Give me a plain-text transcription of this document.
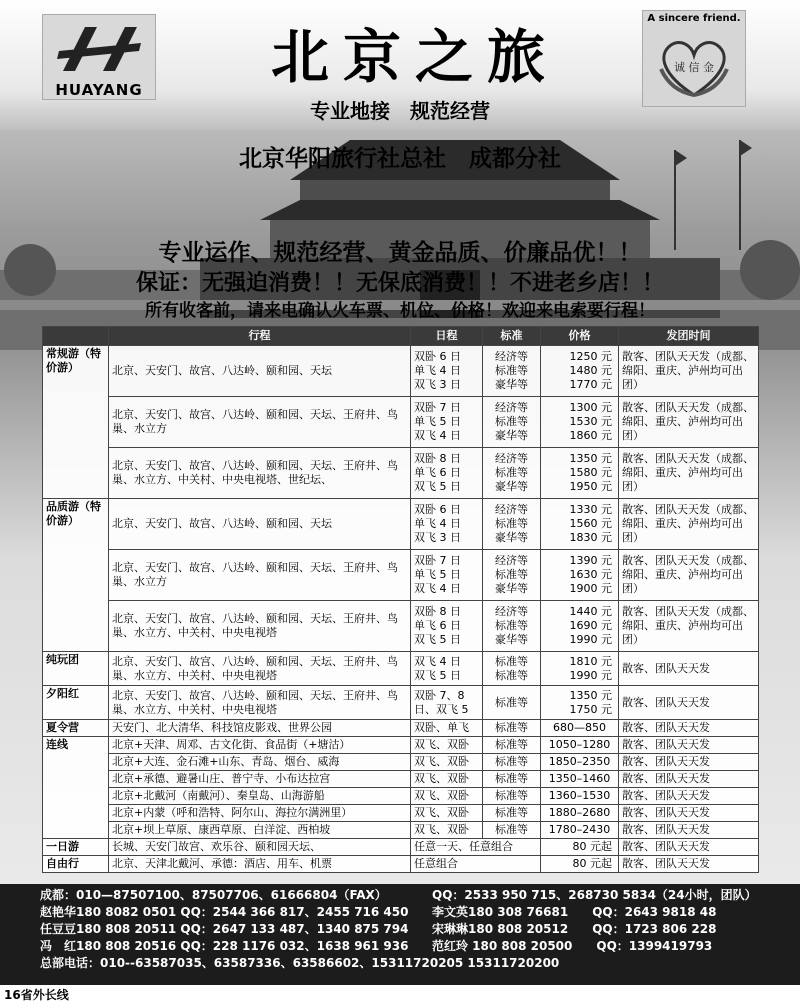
HUAYANG	北京之旅
专业地接　规范经营
A sincere friend.
诚 信 金
北京华阳旅行社总社　成都分社
专业运作、规范经营、黄金品质、价廉品优！！
保证：无强迫消费！！无保底消费！！不进老乡店！！
所有收客前，请来电确认火车票、机位、价格！欢迎来电索要行程！
	行程	日程	标准	价格	发团时间
常规游（特价游）	北京、天安门、故宫、八达岭、颐和园、天坛	双卧 6 日
单飞 4 日
双飞 3 日	经济等
标准等
豪华等	1250 元
1480 元
1770 元	散客、团队天天发（成都、绵阳、重庆、泸州均可出团）
	北京、天安门、故宫、八达岭、颐和园、天坛、王府井、鸟巢、水立方	双卧 7 日
单飞 5 日
双飞 4 日	经济等
标准等
豪华等	1300 元
1530 元
1860 元	散客、团队天天发（成都、绵阳、重庆、泸州均可出团）
	北京、天安门、故宫、八达岭、颐和园、天坛、王府井、鸟巢、水立方、中关村、中央电视塔、世纪坛、	双卧 8 日
单飞 6 日
双飞 5 日	经济等
标准等
豪华等	1350 元
1580 元
1950 元	散客、团队天天发（成都、绵阳、重庆、泸州均可出团）
品质游（特价游）	北京、天安门、故宫、八达岭、颐和园、天坛	双卧 6 日
单飞 4 日
双飞 3 日	经济等
标准等
豪华等	1330 元
1560 元
1830 元	散客、团队天天发（成都、绵阳、重庆、泸州均可出团）
	北京、天安门、故宫、八达岭、颐和园、天坛、王府井、鸟巢、水立方	双卧 7 日
单飞 5 日
双飞 4 日	经济等
标准等
豪华等	1390 元
1630 元
1900 元	散客、团队天天发（成都、绵阳、重庆、泸州均可出团）
	北京、天安门、故宫、八达岭、颐和园、天坛、王府井、鸟巢、水立方、中关村、中央电视塔	双卧 8 日
单飞 6 日
双飞 5 日	经济等
标准等
豪华等	1440 元
1690 元
1990 元	散客、团队天天发（成都、绵阳、重庆、泸州均可出团）
纯玩团	北京、天安门、故宫、八达岭、颐和园、天坛、王府井、鸟巢、水立方、中关村、中央电视塔	双飞 4 日
双飞 5 日	标准等
标准等	1810 元
1990 元	散客、团队天天发
夕阳红	北京、天安门、故宫、八达岭、颐和园、天坛、王府井、鸟巢、水立方、中关村、中央电视塔	双卧 7、8 日、双飞 5	标准等	1350 元
1750 元	散客、团队天天发
夏令营	天安门、北大清华、科技馆皮影戏、世界公园	双卧、单飞	标准等	680—850	散客、团队天天发
连线	北京+天津、周邓、古文化街、食品街（+塘沽）	双飞、双卧	标准等	1050–1280	散客、团队天天发
	北京+大连、金石滩+山东、青岛、烟台、威海	双飞、双卧	标准等	1850–2350	散客、团队天天发
	北京+承德、避暑山庄、普宁寺、小布达拉宫	双飞、双卧	标准等	1350–1460	散客、团队天天发
	北京+北戴河（南戴河）、秦皇岛、山海游船	双飞、双卧	标准等	1360–1530	散客、团队天天发
	北京+内蒙（呼和浩特、阿尔山、海拉尔满洲里）	双飞、双卧	标准等	1880–2680	散客、团队天天发
	北京+坝上草原、康西草原、白洋淀、西柏坡	双飞、双卧	标准等	1780–2430	散客、团队天天发
一日游	长城、天安门故宫、欢乐谷、颐和园天坛、	任意一天、任意组合		80 元起	散客、团队天天发
自由行	北京、天津北戴河、承德：酒店、用车、机票	任意组合		80 元起	散客、团队天天发
成都：010—87507100、87507706、61666804（FAX）	QQ：2533 950 715、268730 5834（24小时，团队）
赵艳华180 8082 0501 QQ：2544 366 817、2455 716 450 李文英180 308 76681　　QQ：2643 9818 48
任豆豆180 808 20511 QQ：2647 133 487、1340 875 794 宋琳琳180 808 20512　　QQ：1723 806 228
冯　红180 808 20516 QQ：228 1176 032、1638 961 936 范红玲 180 808 20500　　QQ：1399419793
总部电话：010--63587035、63587336、63586602、15311720205 15311720200
16省外长线
